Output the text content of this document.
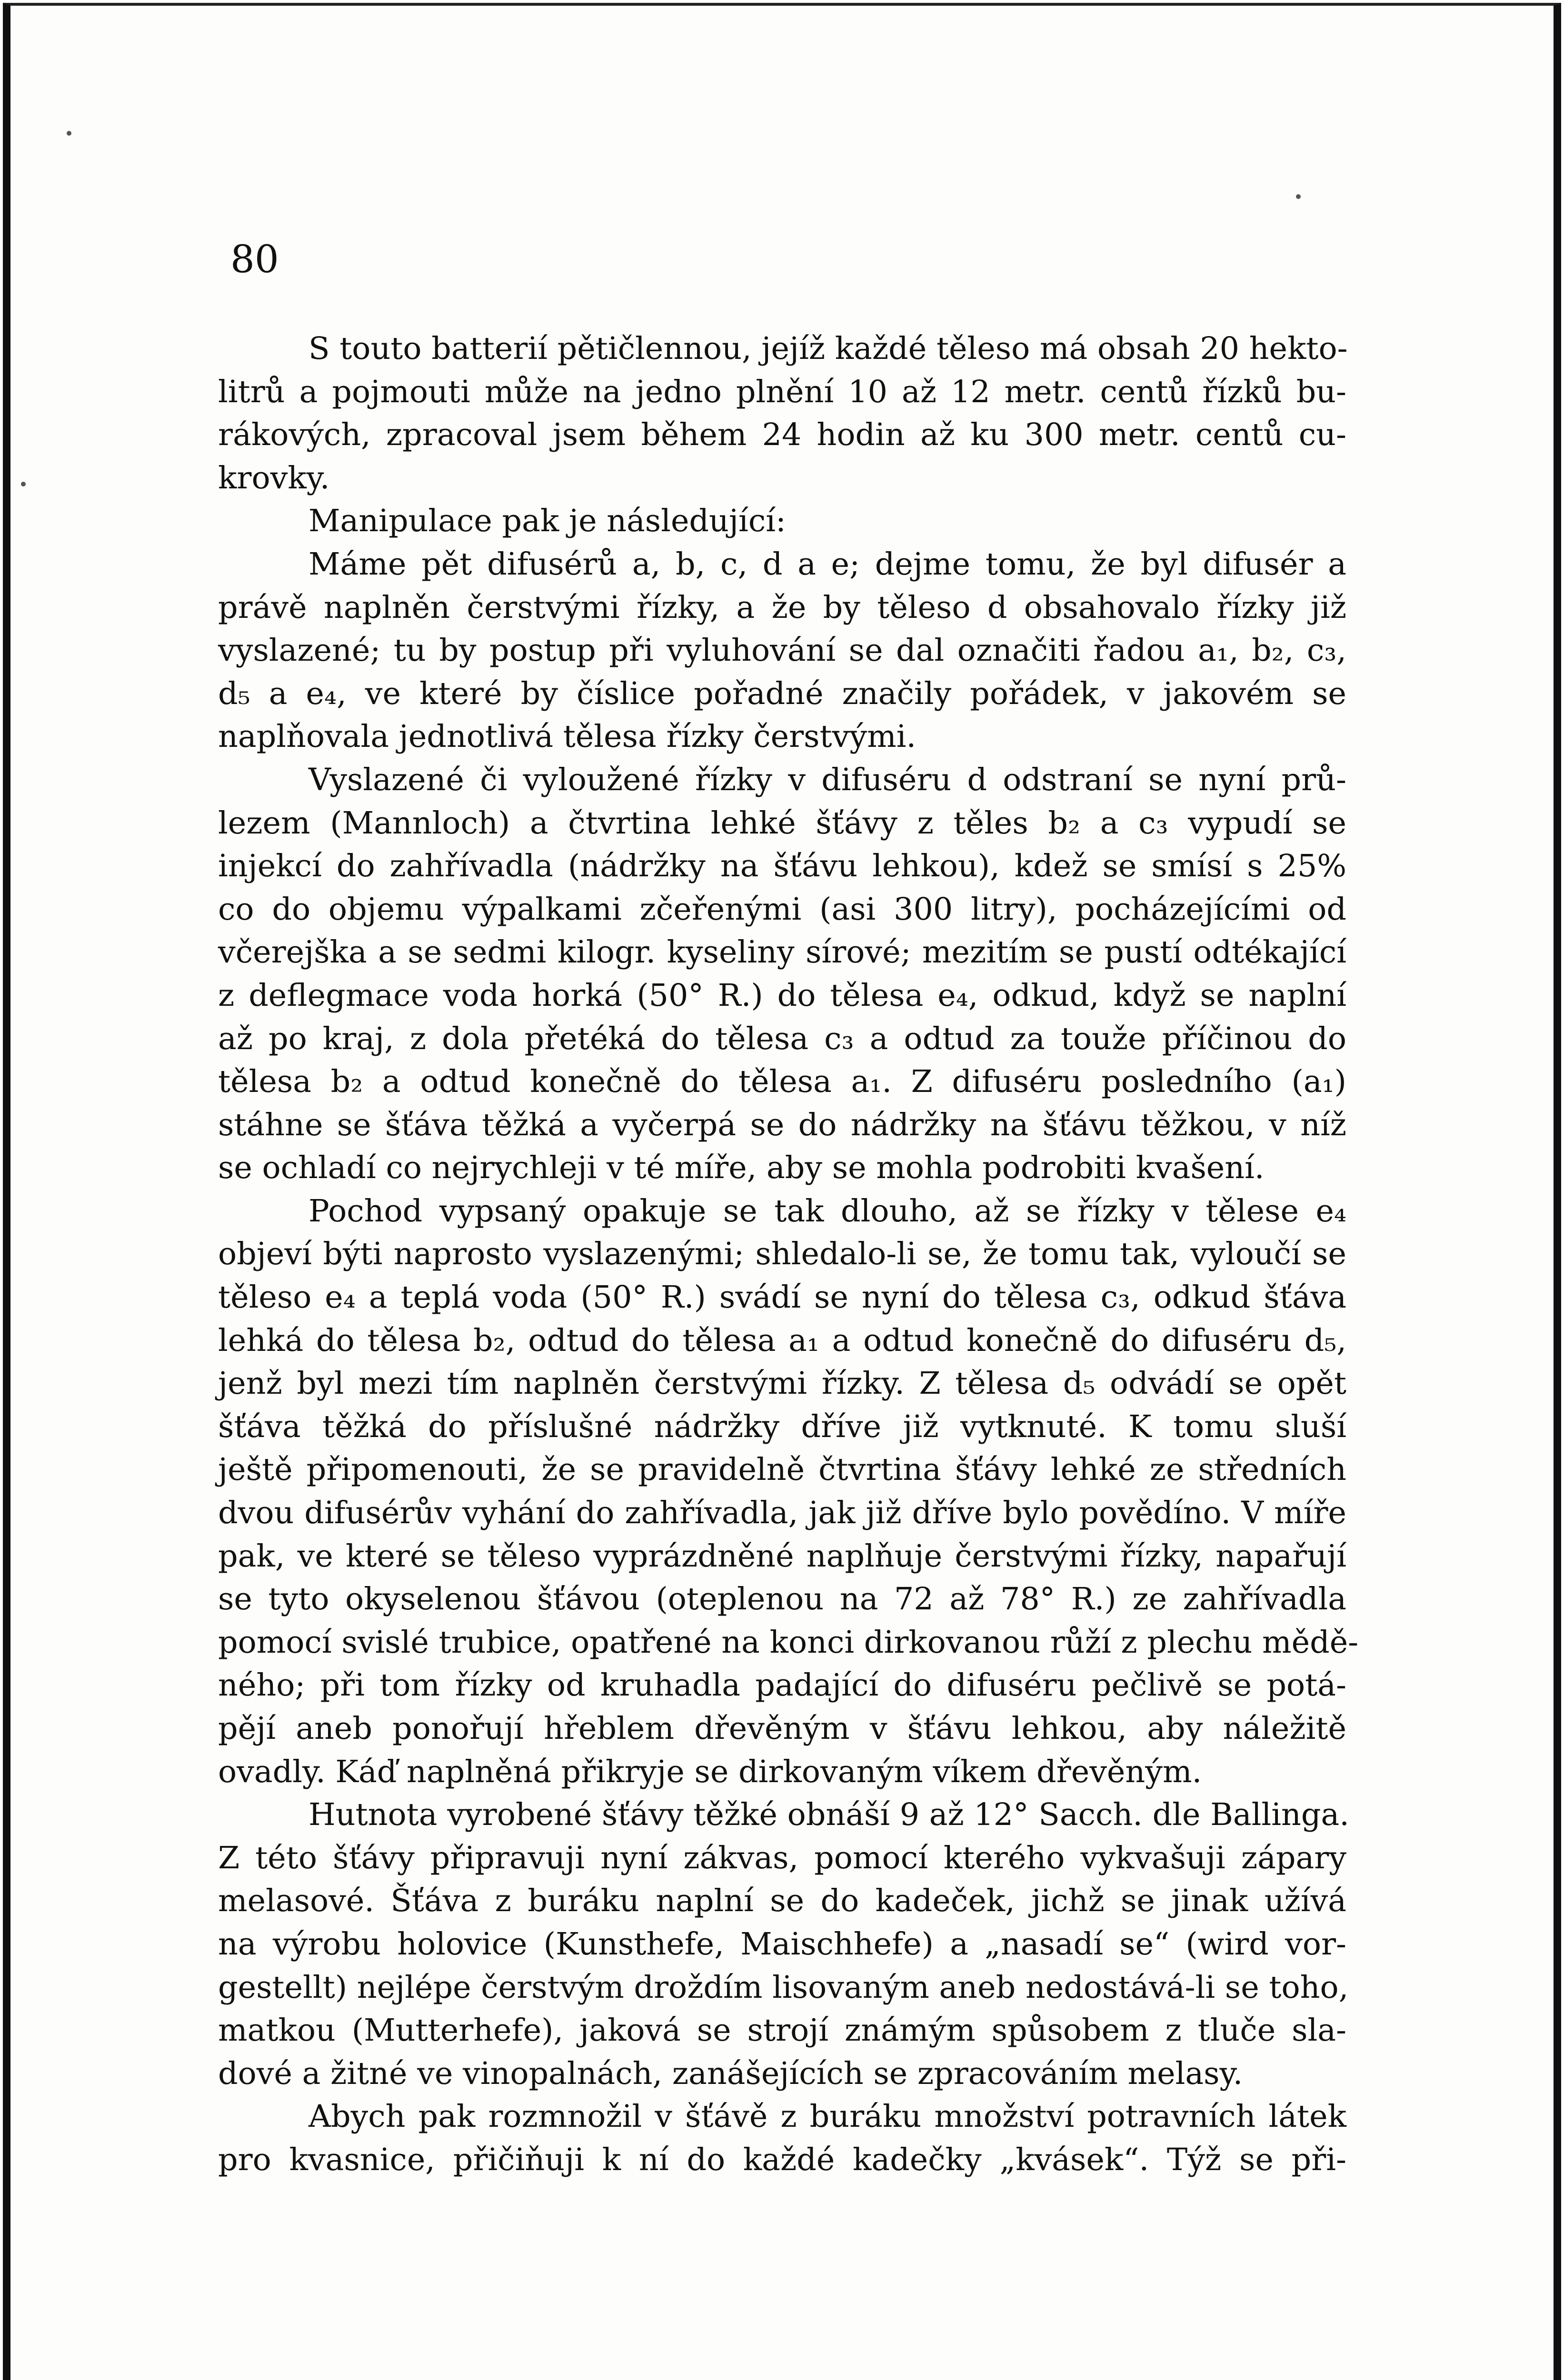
80
S touto batterií pětičlennou, jejíž každé těleso má obsah 20 hekto-
litrů a pojmouti může na jedno plnění 10 až 12 metr. centů řízků bu-
rákových, zpracoval jsem během 24 hodin až ku 300 metr. centů cu-
krovky.
Manipulace pak je následující:
Máme pět difusérů a, b, c, d a e; dejme tomu, že byl difusér a
právě naplněn čerstvými řízky, a že by těleso d obsahovalo řízky již
vyslazené; tu by postup při vyluhování se dal označiti řadou a₁, b₂, c₃,
d₅ a e₄, ve které by číslice pořadné značily pořádek, v jakovém se
naplňovala jednotlivá tělesa řízky čerstvými.
Vyslazené či vyloužené řízky v difuséru d odstraní se nyní prů-
lezem (Mannloch) a čtvrtina lehké šťávy z těles b₂ a c₃ vypudí se
injekcí do zahřívadla (nádržky na šťávu lehkou), kdež se smísí s 25%
co do objemu výpalkami zčeřenými (asi 300 litry), pocházejícími od
včerejška a se sedmi kilogr. kyseliny sírové; mezitím se pustí odtékající
z deflegmace voda horká (50° R.) do tělesa e₄, odkud, když se naplní
až po kraj, z dola přetéká do tělesa c₃ a odtud za touže příčinou do
tělesa b₂ a odtud konečně do tělesa a₁. Z difuséru posledního (a₁)
stáhne se šťáva těžká a vyčerpá se do nádržky na šťávu těžkou, v níž
se ochladí co nejrychleji v té míře, aby se mohla podrobiti kvašení.
Pochod vypsaný opakuje se tak dlouho, až se řízky v tělese e₄
objeví býti naprosto vyslazenými; shledalo-li se, že tomu tak, vyloučí se
těleso e₄ a teplá voda (50° R.) svádí se nyní do tělesa c₃, odkud šťáva
lehká do tělesa b₂, odtud do tělesa a₁ a odtud konečně do difuséru d₅,
jenž byl mezi tím naplněn čerstvými řízky. Z tělesa d₅ odvádí se opět
šťáva těžká do příslušné nádržky dříve již vytknuté. K tomu sluší
ještě připomenouti, že se pravidelně čtvrtina šťávy lehké ze středních
dvou difusérův vyhání do zahřívadla, jak již dříve bylo povědíno. V míře
pak, ve které se těleso vyprázdněné naplňuje čerstvými řízky, napařují
se tyto okyselenou šťávou (oteplenou na 72 až 78° R.) ze zahřívadla
pomocí svislé trubice, opatřené na konci dirkovanou růží z plechu mědě-
ného; při tom řízky od kruhadla padající do difuséru pečlivě se potá-
pějí aneb ponořují hřeblem dřevěným v šťávu lehkou, aby náležitě
ovadly. Káď naplněná přikryje se dirkovaným víkem dřevěným.
Hutnota vyrobené šťávy těžké obnáší 9 až 12° Sacch. dle Ballinga.
Z této šťávy připravuji nyní zákvas, pomocí kterého vykvašuji zápary
melasové. Šťáva z buráku naplní se do kadeček, jichž se jinak užívá
na výrobu holovice (Kunsthefe, Maischhefe) a „nasadí se“ (wird vor-
gestellt) nejlépe čerstvým droždím lisovaným aneb nedostává-li se toho,
matkou (Mutterhefe), jaková se strojí známým spůsobem z tluče sla-
dové a žitné ve vinopalnách, zanášejících se zpracováním melasy.
Abych pak rozmnožil v šťávě z buráku množství potravních látek
pro kvasnice, přičiňuji k ní do každé kadečky „kvásek“. Týž se při-
